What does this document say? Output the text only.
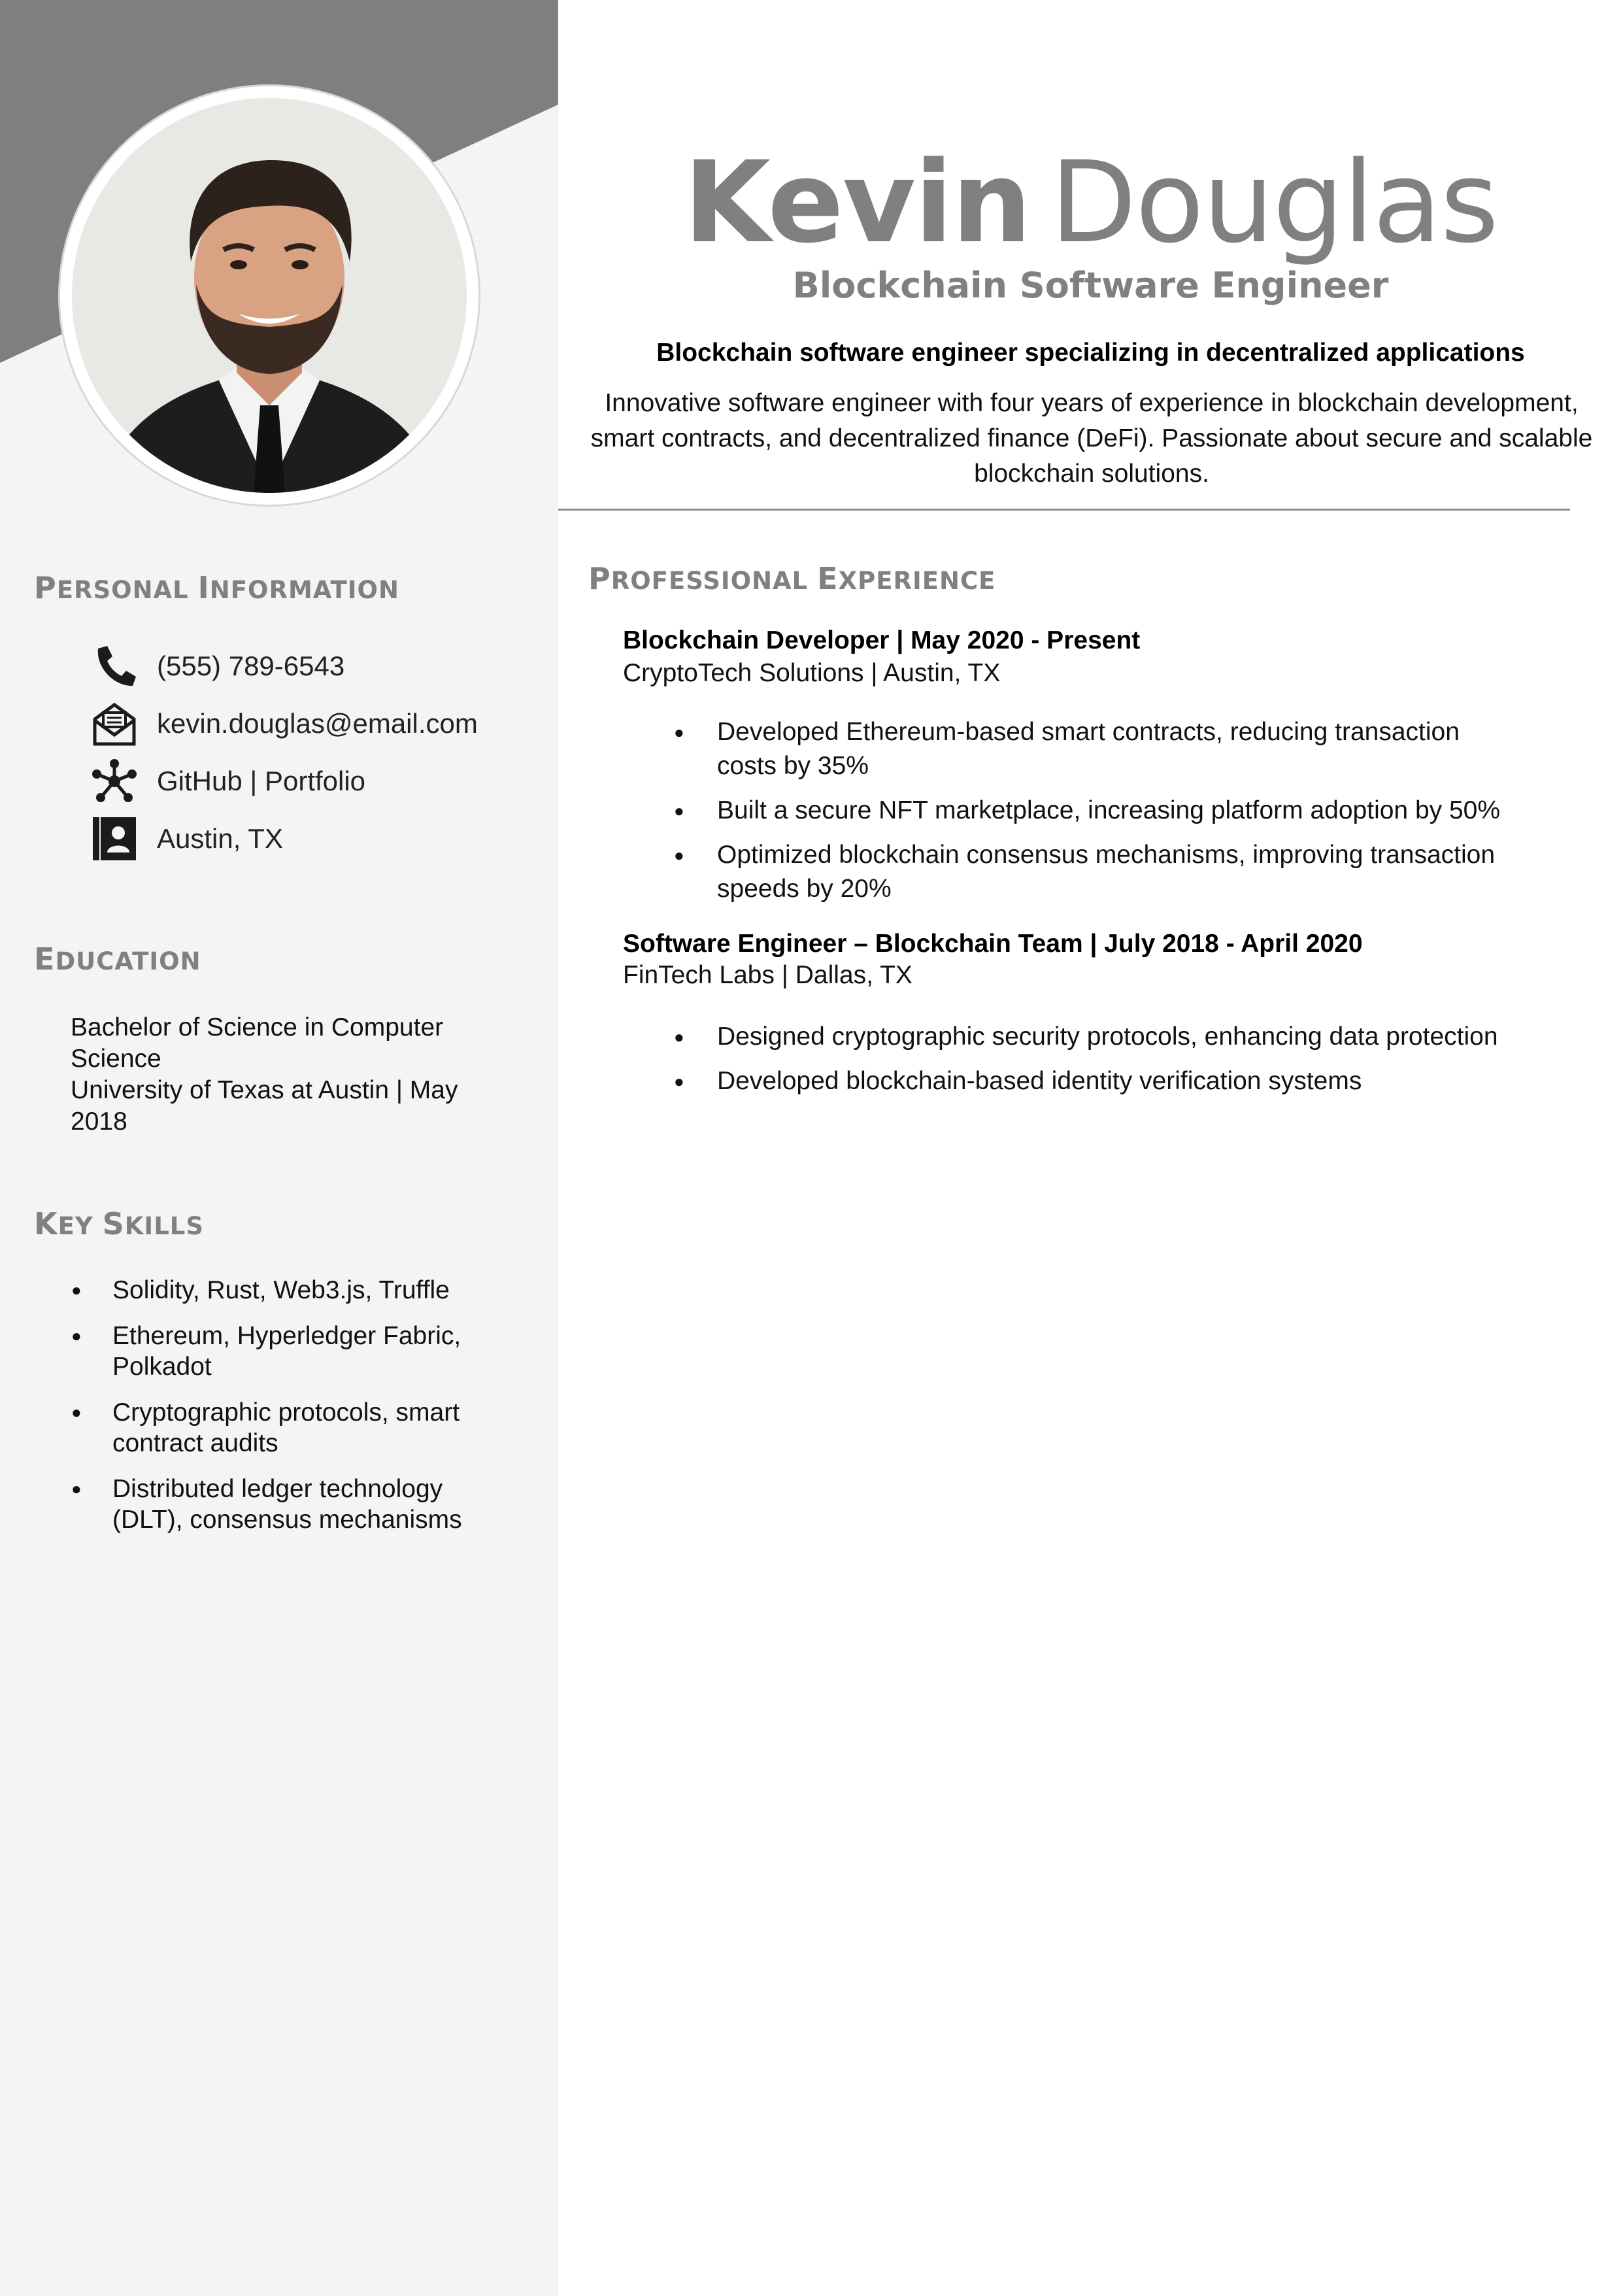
PERSONAL INFORMATION
(555) 789-6543
kevin.douglas@email.com
GitHub | Portfolio
Austin, TX
EDUCATION
Bachelor of Science in Computer Science
University of Texas at Austin | May 2018
KEY SKILLS
● Solidity, Rust, Web3.js, Truffle
● Ethereum, Hyperledger Fabric, Polkadot
● Cryptographic protocols, smart contract audits
● Distributed ledger technology (DLT), consensus mechanisms
Kevin Douglas
Blockchain Software Engineer
Blockchain software engineer specializing in decentralized applications
Innovative software engineer with four years of experience in blockchain development, smart contracts, and decentralized finance (DeFi). Passionate about secure and scalable blockchain solutions.
PROFESSIONAL EXPERIENCE
Blockchain Developer | May 2020 - Present
CryptoTech Solutions | Austin, TX
● Developed Ethereum-based smart contracts, reducing transaction costs by 35%
● Built a secure NFT marketplace, increasing platform adoption by 50%
● Optimized blockchain consensus mechanisms, improving transaction speeds by 20%
Software Engineer – Blockchain Team | July 2018 - April 2020
FinTech Labs | Dallas, TX
● Designed cryptographic security protocols, enhancing data protection
● Developed blockchain-based identity verification systems
